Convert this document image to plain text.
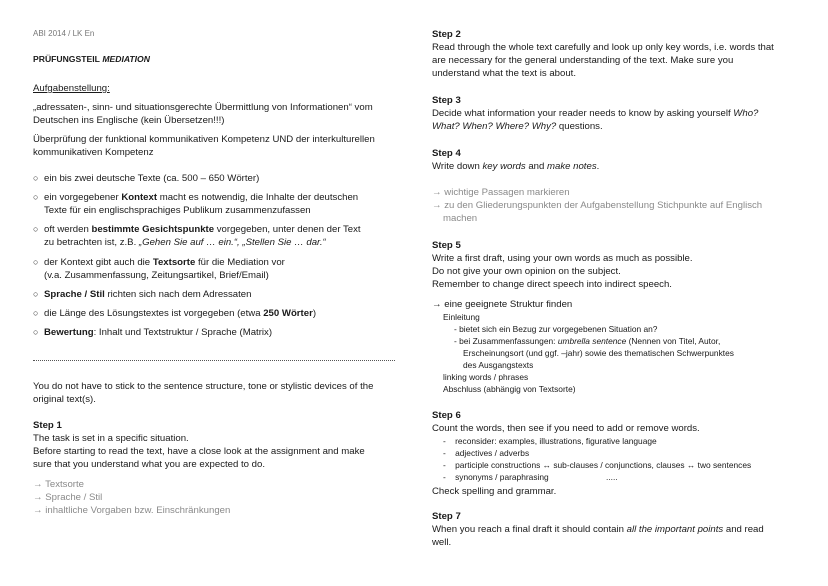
ABI 2014 / LK En
PRÜFUNGSTEIL MEDIATION
Aufgabenstellung:
„adressaten-, sinn- und situationsgerechte Übermittlung von Informationen“ vom
Deutschen ins Englische (kein Übersetzen!!!)
Überprüfung der funktional kommunikativen Kompetenz UND der interkulturellen
kommunikativen Kompetenz
○ ein bis zwei deutsche Texte (ca. 500 – 650 Wörter)
○ ein vorgegebener Kontext macht es notwendig, die Inhalte der deutschen
Texte für ein englischsprachiges Publikum zusammenzufassen
○ oft werden bestimmte Gesichtspunkte vorgegeben, unter denen der Text
zu betrachten ist, z.B. „Gehen Sie auf … ein.“, „Stellen Sie … dar.“
○ der Kontext gibt auch die Textsorte für die Mediation vor
(v.a. Zusammenfassung, Zeitungsartikel, Brief/Email)
○ Sprache / Stil richten sich nach dem Adressaten
○ die Länge des Lösungstextes ist vorgegeben (etwa 250 Wörter)
○ Bewertung: Inhalt und Textstruktur / Sprache (Matrix)
You do not have to stick to the sentence structure, tone or stylistic devices of the
original text(s).
Step 1
The task is set in a specific situation.
Before starting to read the text, have a close look at the assignment and make
sure that you understand what you are expected to do.
→ Textsorte
→ Sprache / Stil
→ inhaltliche Vorgaben bzw. Einschränkungen
Step 2
Read through the whole text carefully and look up only key words, i.e. words that
are necessary for the general understanding of the text. Make sure you
understand what the text is about.
Step 3
Decide what information your reader needs to know by asking yourself Who?
What? When? Where? Why? questions.
Step 4
Write down key words and make notes.
→ wichtige Passagen markieren
→ zu den Gliederungspunkten der Aufgabenstellung Stichpunkte auf Englisch
machen
Step 5
Write a first draft, using your own words as much as possible.
Do not give your own opinion on the subject.
Remember to change direct speech into indirect speech.
→ eine geeignete Struktur finden
Einleitung
- bietet sich ein Bezug zur vorgegebenen Situation an?
- bei Zusammenfassungen: umbrella sentence (Nennen von Titel, Autor,
Erscheinungsort (und ggf. –jahr) sowie des thematischen Schwerpunktes
des Ausgangstexts
linking words / phrases
Abschluss (abhängig von Textsorte)
Step 6
Count the words, then see if you need to add or remove words.
-    reconsider: examples, illustrations, figurative language
-    adjectives / adverbs
-    participle constructions ↔ sub-clauses / conjunctions, clauses ↔ two sentences
-    synonyms / paraphrasing	.....
Check spelling and grammar.
Step 7
When you reach a final draft it should contain all the important points and read
well.
